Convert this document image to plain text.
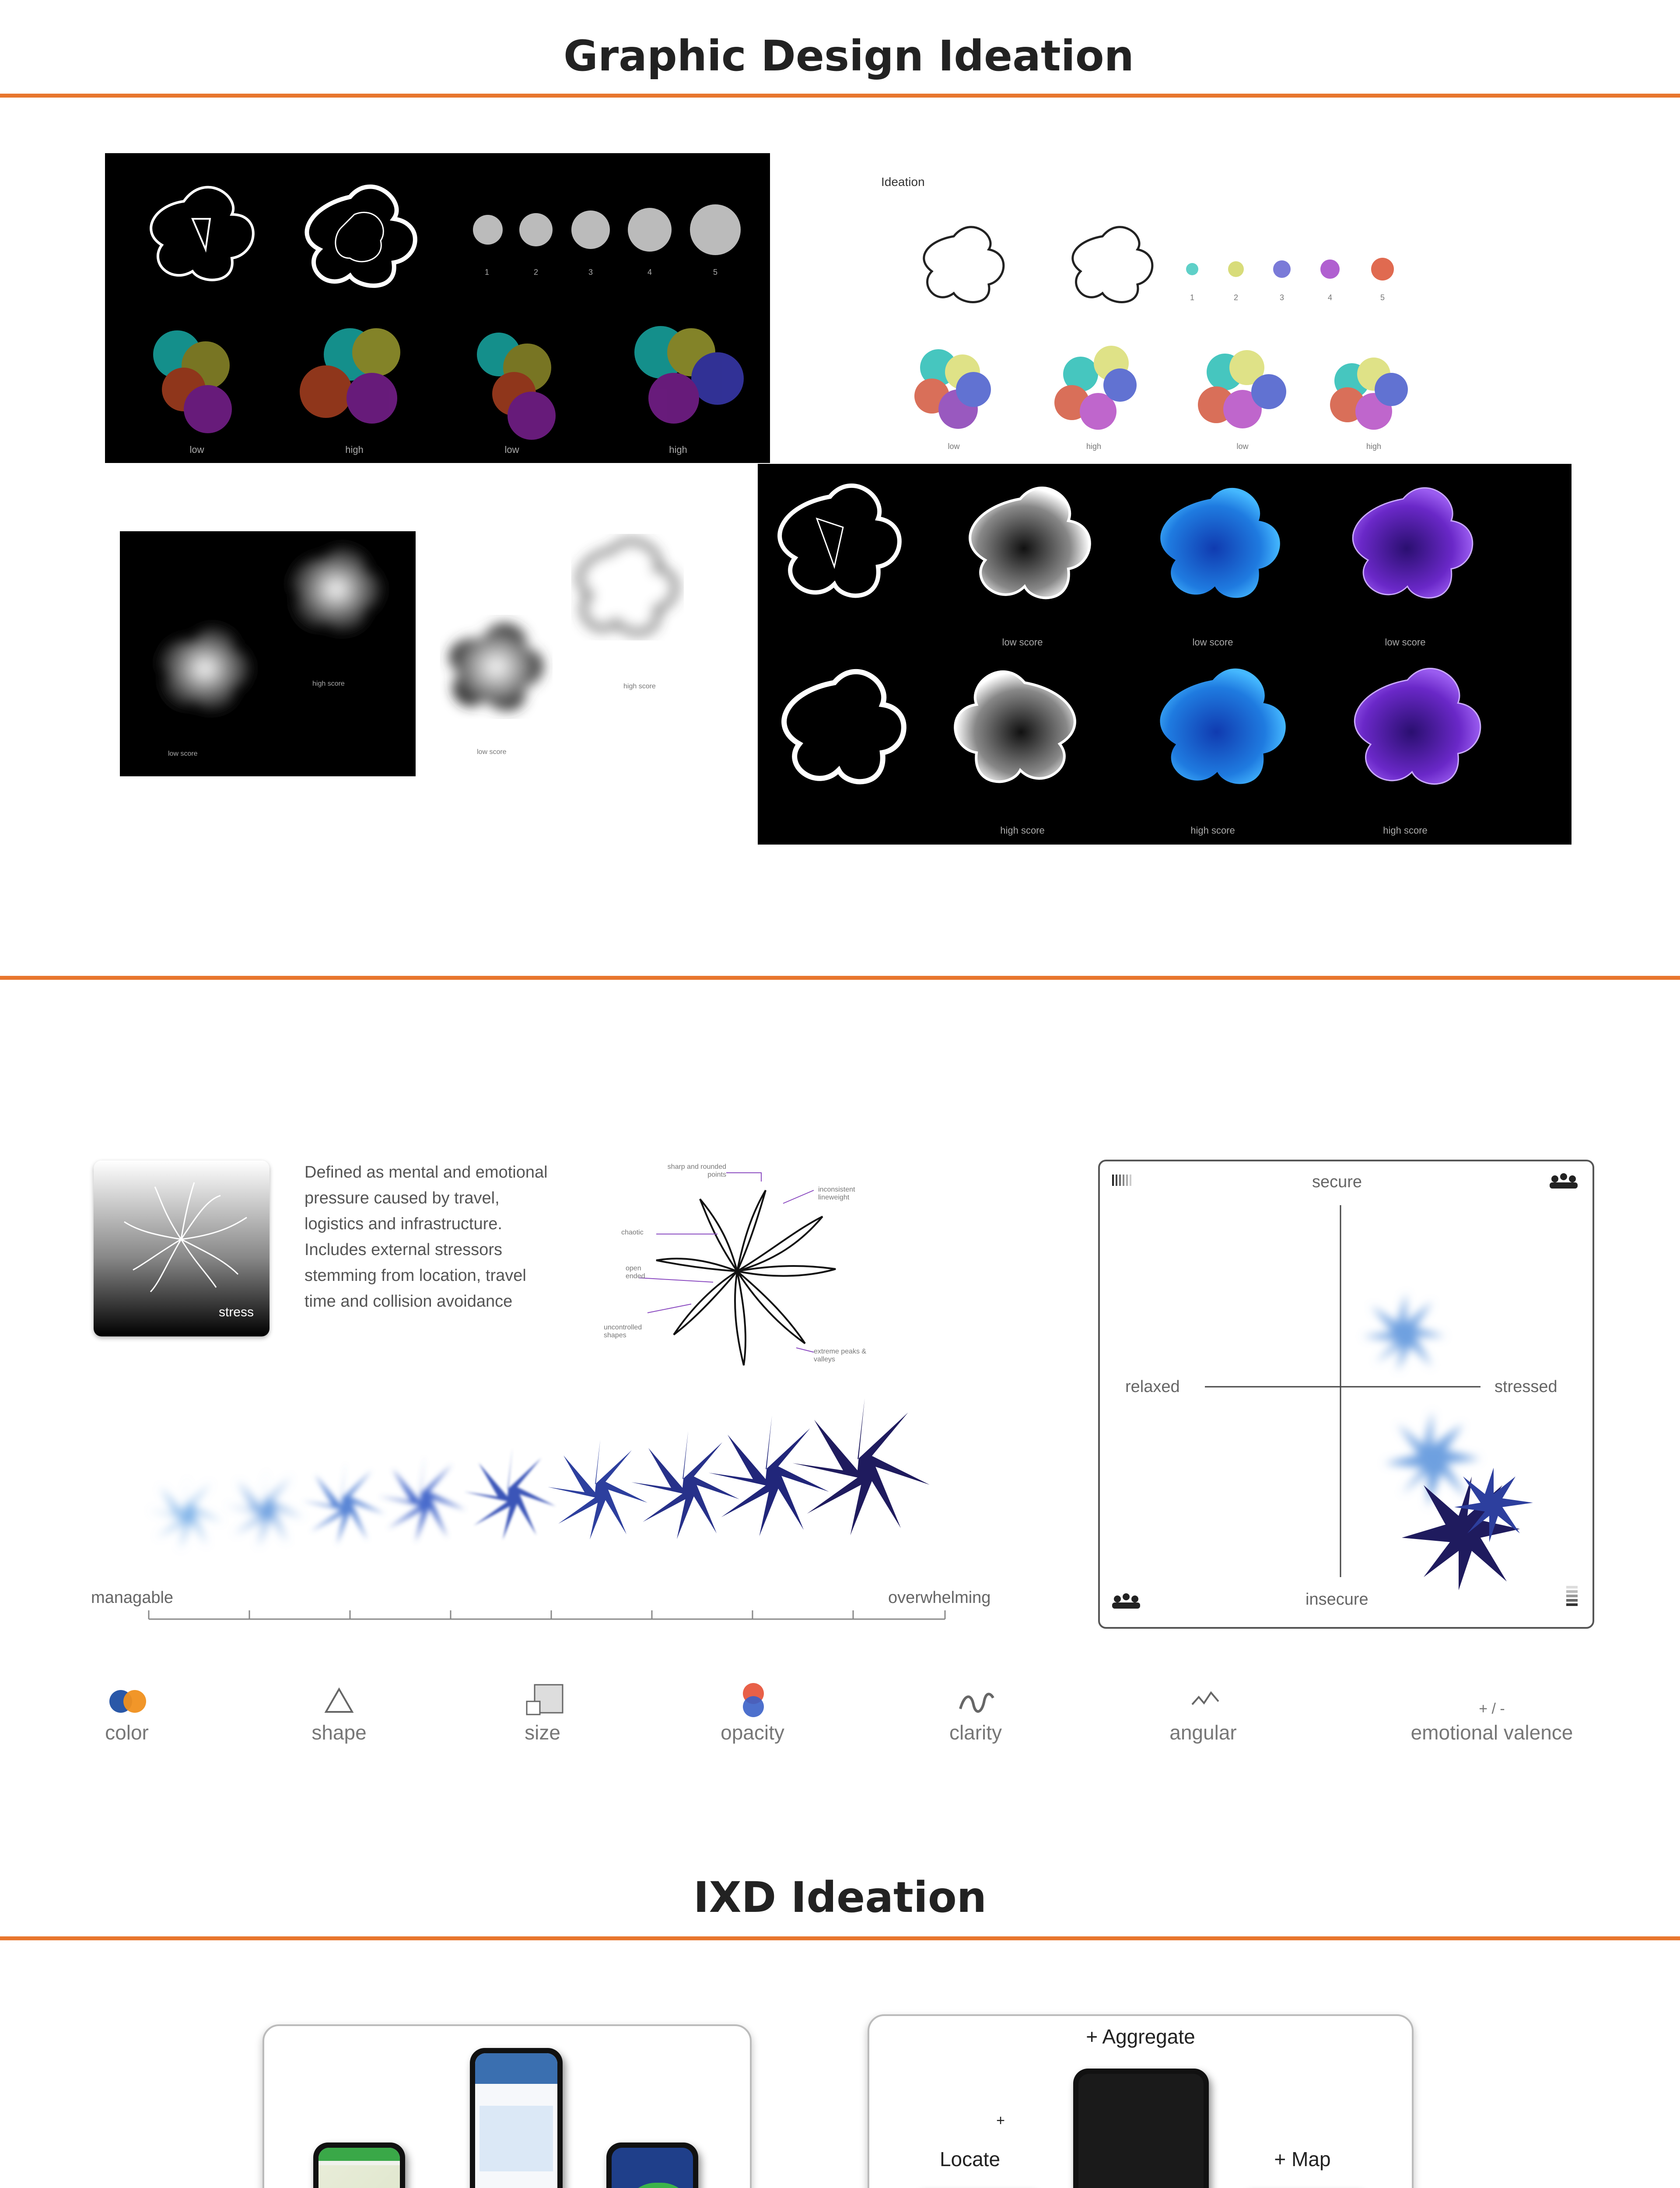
Graphic Design Ideation
1	2	3	4	5
low	high	low	high
Ideation
1	2	3	4	5
low	high	low	high
low score
high score
low score
high score
low score	low score	low score
high score	high score	high score
stress
Defined as mental and emotional pressure caused by travel, logistics and infrastructure. Includes external stressors stemming from location, travel time and collision avoidance
sharp and rounded points
inconsistent lineweight
chaotic
open ended
uncontrolled shapes
extreme peaks & valleys
managable	overwhelming
secure
insecure
relaxed	stressed
color	shape	size	opacity	clarity	angular
+ / -
emotional valence
IXD Ideation
+ Aggregate
+
Locate	+ Map
